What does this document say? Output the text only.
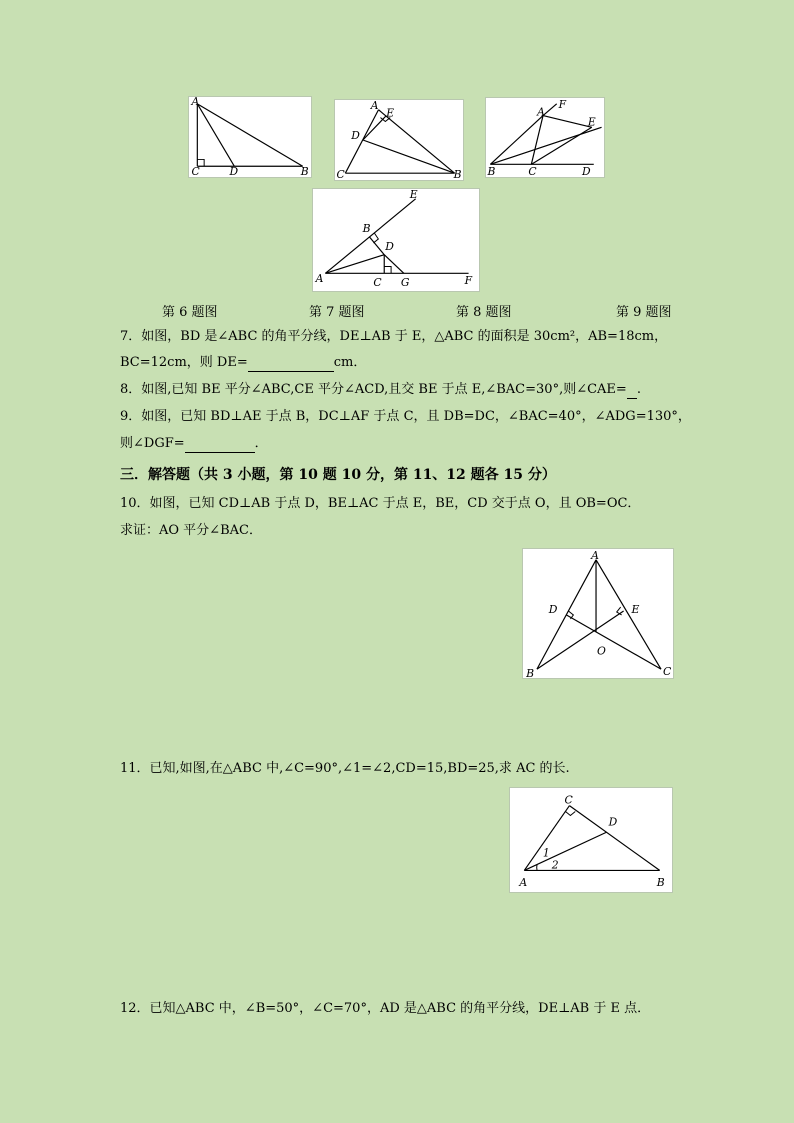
A
C	D	B
A
E
D
C	B
A
F
E
B	C	D
E
B
D
A	C G	F
第 6 题图	第 7 题图	第 8 题图	第 9 题图
7．如图，BD 是∠ABC 的角平分线，DE⊥AB 于 E，△ABC 的面积是 30cm²，AB=18cm，
BC=12cm，则 DE=	cm．
8．如图,已知 BE 平分∠ABC,CE 平分∠ACD,且交 BE 于点 E,∠BAC=30°,则∠CAE= .
9．如图，已知 BD⊥AE 于点 B，DC⊥AF 于点 C，且 DB=DC，∠BAC=40°，∠ADG=130°，
则∠DGF=	．
三．解答题（共 3 小题，第 10 题 10 分，第 11、12 题各 15 分）
10．如图，已知 CD⊥AB 于点 D，BE⊥AC 于点 E，BE，CD 交于点 O，且 OB=OC．
求证：AO 平分∠BAC．
A
D	E
O
B	C
11．已知,如图,在△ABC 中,∠C=90°,∠1=∠2,CD=15,BD=25,求 AC 的长.
C
D
1
2
A	B
12．已知△ABC 中，∠B=50°，∠C=70°，AD 是△ABC 的角平分线，DE⊥AB 于 E 点．
